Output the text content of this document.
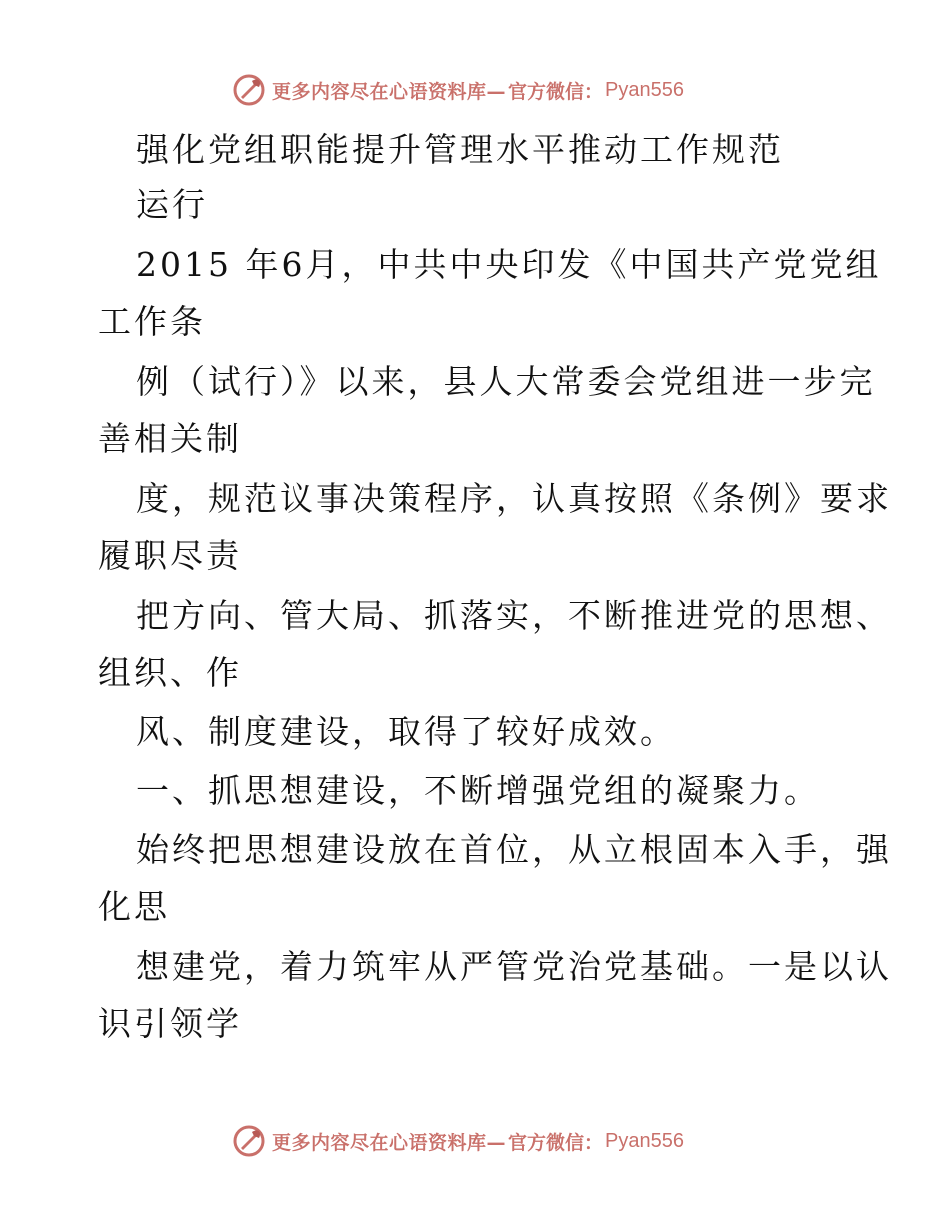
更多内容尽在心语资料库— 官方微信： Pyan556
强化党组职能提升管理水平推动工作规范
运行
2015 年6月，中共中央印发《中国共产党党组
工作条
例（试行）》以来，县人大常委会党组进一步完
善相关制
度，规范议事决策程序，认真按照《条例》要求
履职尽责
把方向、管大局、抓落实，不断推进党的思想、
组织、作
风、制度建设，取得了较好成效。
一、抓思想建设，不断增强党组的凝聚力。
始终把思想建设放在首位，从立根固本入手，强
化思
想建党，着力筑牢从严管党治党基础。一是以认
识引领学
更多内容尽在心语资料库— 官方微信： Pyan556
